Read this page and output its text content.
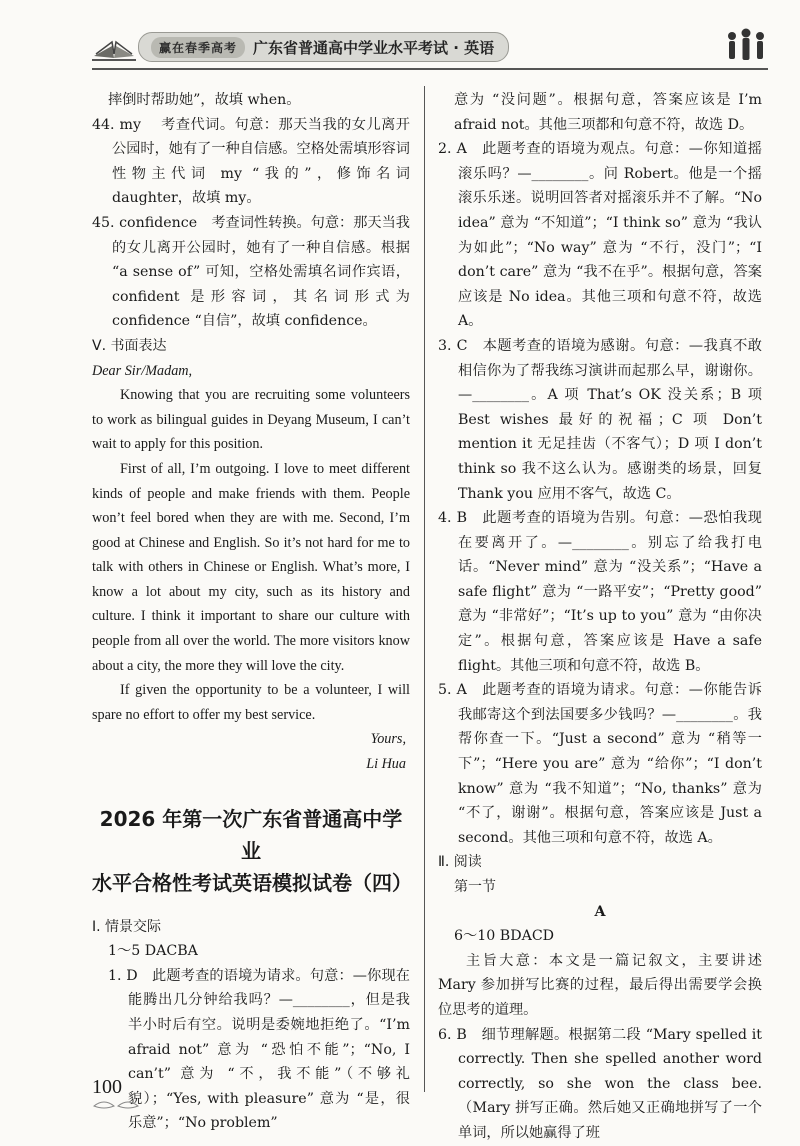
赢在春季高考	广东省普通高中学业水平考试 · 英语

摔倒时帮助她”，故填 when。

44. my　 考查代词。句意：那天当我的女儿离开公园时，她有了一种自信感。空格处需填形容词性物主代词 my “我的”，修饰名词 daughter，故填 my。

45. confidence　考查词性转换。句意：那天当我的女儿离开公园时，她有了一种自信感。根据 “a sense of” 可知，空格处需填名词作宾语，confident 是形容词，其名词形式为 confidence “自信”，故填 confidence。

Ⅴ. 书面表达

Dear Sir/Madam,

Knowing that you are recruiting some volunteers to work as bilingual guides in Deyang Museum, I can’t wait to apply for this position.

First of all, I’m outgoing. I love to meet different kinds of people and make friends with them. People won’t feel bored when they are with me. Second, I’m good at Chinese and English. So it’s not hard for me to talk with others in Chinese or English. What’s more, I know a lot about my city, such as its history and culture. I think it important to share our culture with people from all over the world. The more visitors know about a city, the more they will love the city.

If given the opportunity to be a volunteer, I will spare no effort to offer my best service.

Yours,

Li Hua

2026 年第一次广东省普通高中学业
水平合格性考试英语模拟试卷（四）

Ⅰ. 情景交际

1～5 DACBA

1. D　此题考查的语境为请求。句意：—你现在能腾出几分钟给我吗？—________，但是我半小时后有空。说明是委婉地拒绝了。“I’m afraid not” 意为 “恐怕不能”；“No, I can’t” 意为 “不，我不能”（不够礼貌）；“Yes, with pleasure” 意为 “是，很乐意”；“No problem”

意为 “没问题”。根据句意，答案应该是 I’m afraid not。其他三项都和句意不符，故选 D。

2. A　此题考查的语境为观点。句意：—你知道摇滚乐吗？—________。问 Robert。他是一个摇滚乐乐迷。说明回答者对摇滚乐并不了解。“No idea” 意为 “不知道”；“I think so” 意为 “我认为如此”；“No way” 意为 “不行，没门”；“I don’t care” 意为 “我不在乎”。根据句意，答案应该是 No idea。其他三项和句意不符，故选 A。

3. C　本题考查的语境为感谢。句意：—我真不敢相信你为了帮我练习演讲而起那么早，谢谢你。—________。A 项 That’s OK 没关系；B 项 Best wishes 最好的祝福；C 项 Don’t mention it 无足挂齿（不客气）；D 项 I don’t think so 我不这么认为。感谢类的场景，回复 Thank you 应用不客气，故选 C。

4. B　此题考查的语境为告别。句意：—恐怕我现在要离开了。—________。别忘了给我打电话。“Never mind” 意为 “没关系”；“Have a safe flight” 意为 “一路平安”；“Pretty good” 意为 “非常好”；“It’s up to you” 意为 “由你决定”。根据句意，答案应该是 Have a safe flight。其他三项和句意不符，故选 B。

5. A　此题考查的语境为请求。句意：—你能告诉我邮寄这个到法国要多少钱吗？—________。我帮你查一下。“Just a second” 意为 “稍等一下”；“Here you are” 意为 “给你”；“I don’t know” 意为 “我不知道”；“No, thanks” 意为 “不了，谢谢”。根据句意，答案应该是 Just a second。其他三项和句意不符，故选 A。

Ⅱ. 阅读

第一节

A

6～10 BDACD

主旨大意：本文是一篇记叙文，主要讲述 Mary 参加拼写比赛的过程，最后得出需要学会换位思考的道理。

6. B　细节理解题。根据第二段 “Mary spelled it correctly. Then she spelled another word correctly, so she won the class bee.（Mary 拼写正确。然后她又正确地拼写了一个单词，所以她赢得了班

100
